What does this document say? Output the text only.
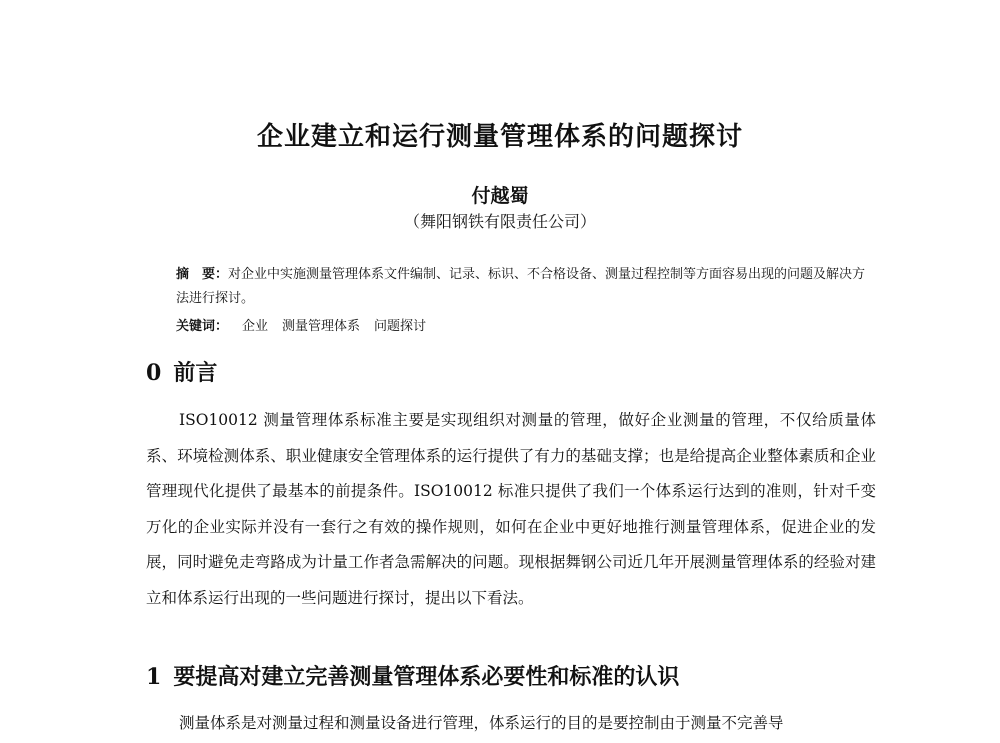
企业建立和运行测量管理体系的问题探讨
付越蜀
（舞阳钢铁有限责任公司）

摘　要：对企业中实施测量管理体系文件编制、记录、标识、不合格设备、测量过程控制等方面容易出现的问题及解决方法进行探讨。

关键词： 企业 测量管理体系 问题探讨
0 前言

ISO10012 测量管理体系标准主要是实现组织对测量的管理，做好企业测量的管理，不仅给质量体系、环境检测体系、职业健康安全管理体系的运行提供了有力的基础支撑；也是给提高企业整体素质和企业管理现代化提供了最基本的前提条件。ISO10012 标准只提供了我们一个体系运行达到的准则，针对千变万化的企业实际并没有一套行之有效的操作规则，如何在企业中更好地推行测量管理体系，促进企业的发展，同时避免走弯路成为计量工作者急需解决的问题。现根据舞钢公司近几年开展测量管理体系的经验对建立和体系运行出现的一些问题进行探讨，提出以下看法。

1 要提高对建立完善测量管理体系必要性和标准的认识

测量体系是对测量过程和测量设备进行管理，体系运行的目的是要控制由于测量不完善导
